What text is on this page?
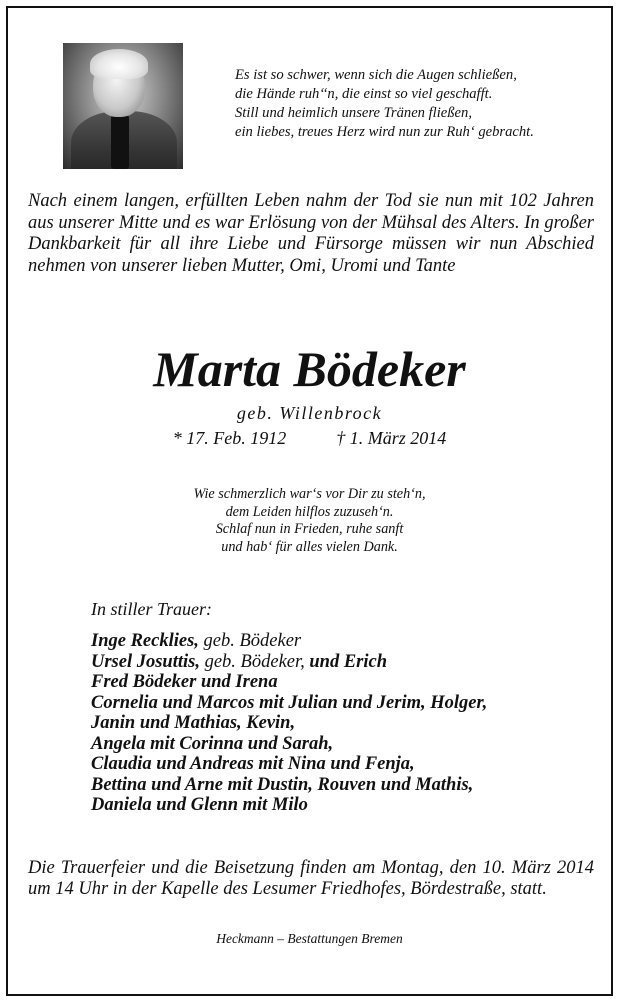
Es ist so schwer, wenn sich die Augen schließen,
die Hände ruh‘‘n, die einst so viel geschafft.
Still und heimlich unsere Tränen fließen,
ein liebes, treues Herz wird nun zur Ruh‘ gebracht.
Nach einem langen, erfüllten Leben nahm der Tod sie nun mit 102 Jahren aus unserer Mitte und es war Erlösung von der Mühsal des Alters. In großer Dankbarkeit für all ihre Liebe und Fürsorge müssen wir nun Abschied nehmen von unserer lieben Mutter, Omi, Uromi und Tante
Marta Bödeker
geb. Willenbrock
* 17. Feb. 1912	† 1. März 2014
Wie schmerzlich war‘s vor Dir zu steh‘n,
dem Leiden hilflos zuzuseh‘n.
Schlaf nun in Frieden, ruhe sanft
und hab‘ für alles vielen Dank.
In stiller Trauer:
Inge Recklies, geb. Bödeker
Ursel Josuttis, geb. Bödeker, und Erich
Fred Bödeker und Irena
Cornelia und Marcos mit Julian und Jerim, Holger,
Janin und Mathias, Kevin,
Angela mit Corinna und Sarah,
Claudia und Andreas mit Nina und Fenja,
Bettina und Arne mit Dustin, Rouven und Mathis,
Daniela und Glenn mit Milo
Die Trauerfeier und die Beisetzung finden am Montag, den 10. März 2014 um 14 Uhr in der Kapelle des Lesumer Friedhofes, Bördestraße, statt.
Heckmann – Bestattungen Bremen
